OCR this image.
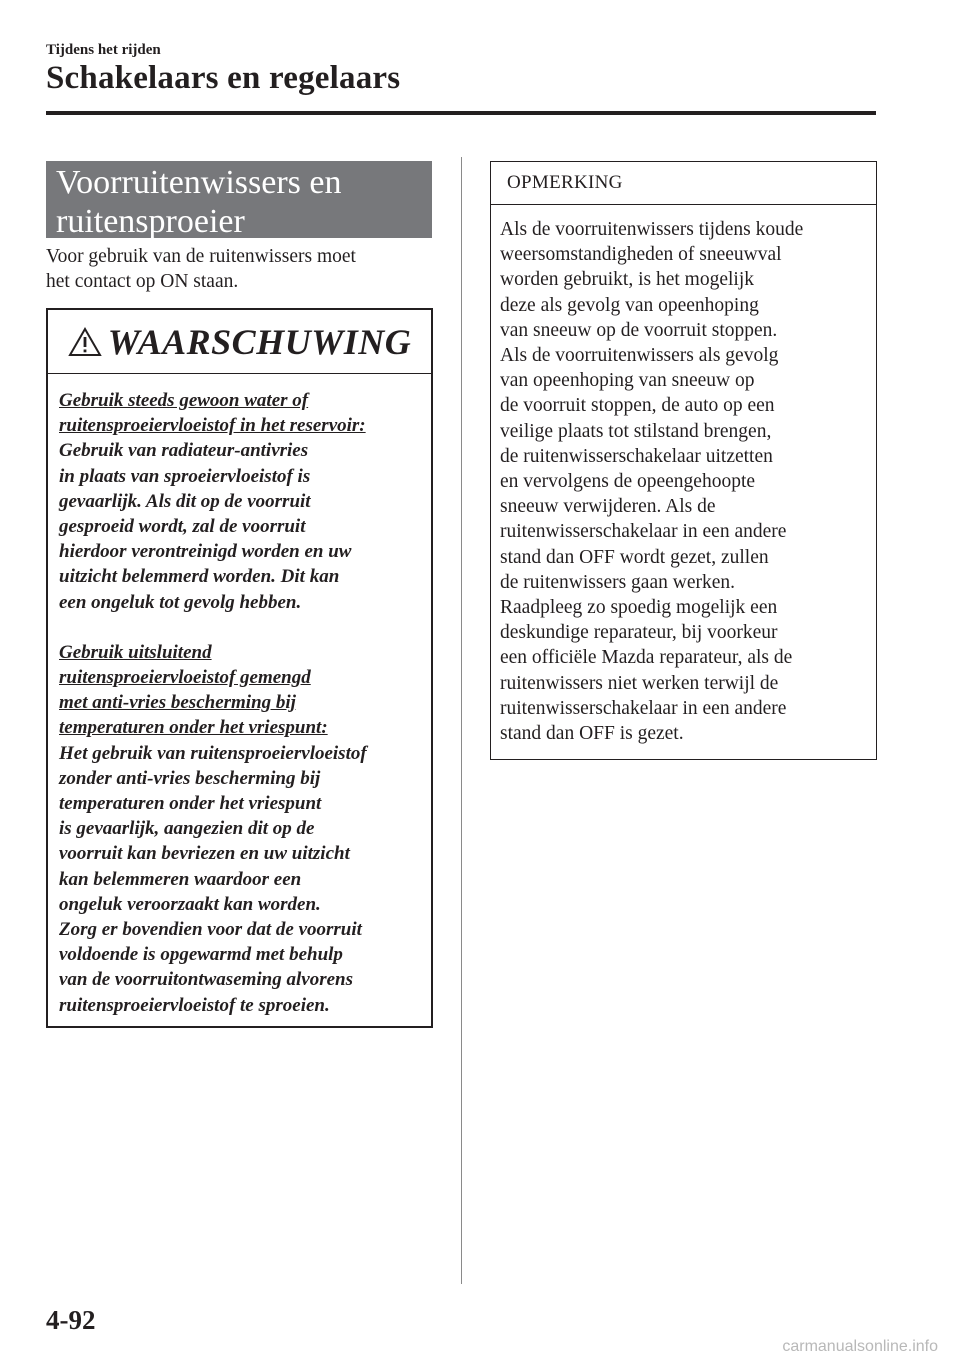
Tijdens het rijden
Schakelaars en regelaars
Voorruitenwissers en
ruitensproeier
Voor gebruik van de ruitenwissers moet
het contact op ON staan.
WAARSCHUWING
Gebruik steeds gewoon water of
ruitensproeiervloeistof in het reservoir:
Gebruik van radiateur-antivries
in plaats van sproeiervloeistof is
gevaarlijk. Als dit op de voorruit
gesproeid wordt, zal de voorruit
hierdoor verontreinigd worden en uw
uitzicht belemmerd worden. Dit kan
een ongeluk tot gevolg hebben.
Gebruik uitsluitend
ruitensproeiervloeistof gemengd
met anti-vries bescherming bij
temperaturen onder het vriespunt:
Het gebruik van ruitensproeiervloeistof
zonder anti-vries bescherming bij
temperaturen onder het vriespunt
is gevaarlijk, aangezien dit op de
voorruit kan bevriezen en uw uitzicht
kan belemmeren waardoor een
ongeluk veroorzaakt kan worden.
Zorg er bovendien voor dat de voorruit
voldoende is opgewarmd met behulp
van de voorruitontwaseming alvorens
ruitensproeiervloeistof te sproeien.
OPMERKING
Als de voorruitenwissers tijdens koude
weersomstandigheden of sneeuwval
worden gebruikt, is het mogelijk
deze als gevolg van opeenhoping
van sneeuw op de voorruit stoppen.
Als de voorruitenwissers als gevolg
van opeenhoping van sneeuw op
de voorruit stoppen, de auto op een
veilige plaats tot stilstand brengen,
de ruitenwisserschakelaar uitzetten
en vervolgens de opeengehoopte
sneeuw verwijderen. Als de
ruitenwisserschakelaar in een andere
stand dan OFF wordt gezet, zullen
de ruitenwissers gaan werken.
Raadpleeg zo spoedig mogelijk een
deskundige reparateur, bij voorkeur
een officiële Mazda reparateur, als de
ruitenwissers niet werken terwijl de
ruitenwisserschakelaar in een andere
stand dan OFF is gezet.
4-92
carmanualsonline.info
